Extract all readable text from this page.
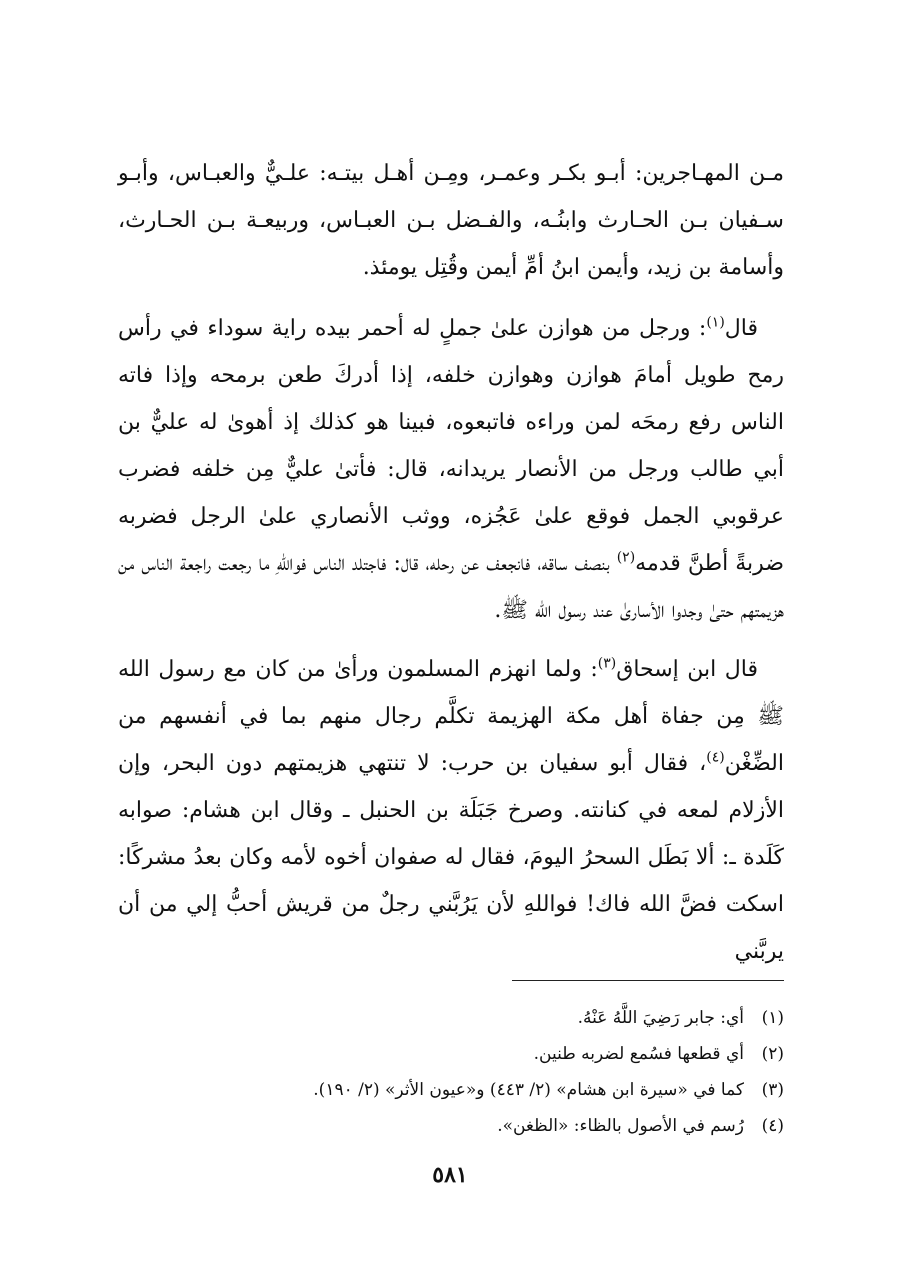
مـن المهـاجرين: أبـو بكـر وعمـر، ومِـن أهـل بيتـه: علـيٌّ والعبـاس، وأبـو سـفيان بـن الحـارث وابنُـه، والفـضل بـن العبـاس، وربيعـة بـن الحـارث، وأسامة بن زيد، وأيمن ابنُ أمِّ أيمن وقُتِل يومئذ.

قال$^{(١)}$: ورجل من هوازن علىٰ جملٍ له أحمر بيده راية سوداء في رأس رمح طويل أمامَ هوازن وهوازن خلفه، إذا أدركَ طعن برمحه وإذا فاته الناس رفع رمحَه لمن وراءه فاتبعوه، فبينا هو كذلك إذ أهوىٰ له عليٌّ بن أبي طالب ورجل من الأنصار يريدانه، قال: فأتىٰ عليٌّ مِن خلفه فضرب عرقوبي الجمل فوقع علىٰ عَجُزه، ووثب الأنصاري علىٰ الرجل فضربه ضربةً أطنَّ قدمه$^{(٢)}$ بنصف ساقه، فانجعف عن رحله، قال: فاجتلد الناس فواللهِ ما رجعت راجعة الناس من هزيمتهم حتىٰ وجدوا الأسارىٰ عند رسول الله ﷺ.

قال ابن إسحاق$^{(٣)}$: ولما انهزم المسلمون ورأىٰ من كان مع رسول الله ﷺ مِن جفاة أهل مكة الهزيمة تكلَّم رجال منهم بما في أنفسهم من الضِّغْن$^{(٤)}$، فقال أبو سفيان بن حرب: لا تنتهي هزيمتهم دون البحر، وإن الأزلام لمعه في كنانته. وصرخ جَبَلَة بن الحنبل ـ وقال ابن هشام: صوابه كَلَدة ـ: ألا بَطَل السحرُ اليومَ، فقال له صفوان أخوه لأمه وكان بعدُ مشركًا: اسكت فضَّ الله فاك! فواللهِ لأن يَرُبَّني رجلٌ من قريش أحبُّ إلي من أن يربَّني

(١)أي: جابر رَضِيَ اللَّهُ عَنْهُ.
(٢)أي قطعها فسُمع لضربه طنين.
(٣)كما في «سيرة ابن هشام» (٢/ ٤٤٣) و«عيون الأثر» (٢/ ١٩٠).
(٤)رُسم في الأصول بالظاء: «الظغن».
٥٨١
